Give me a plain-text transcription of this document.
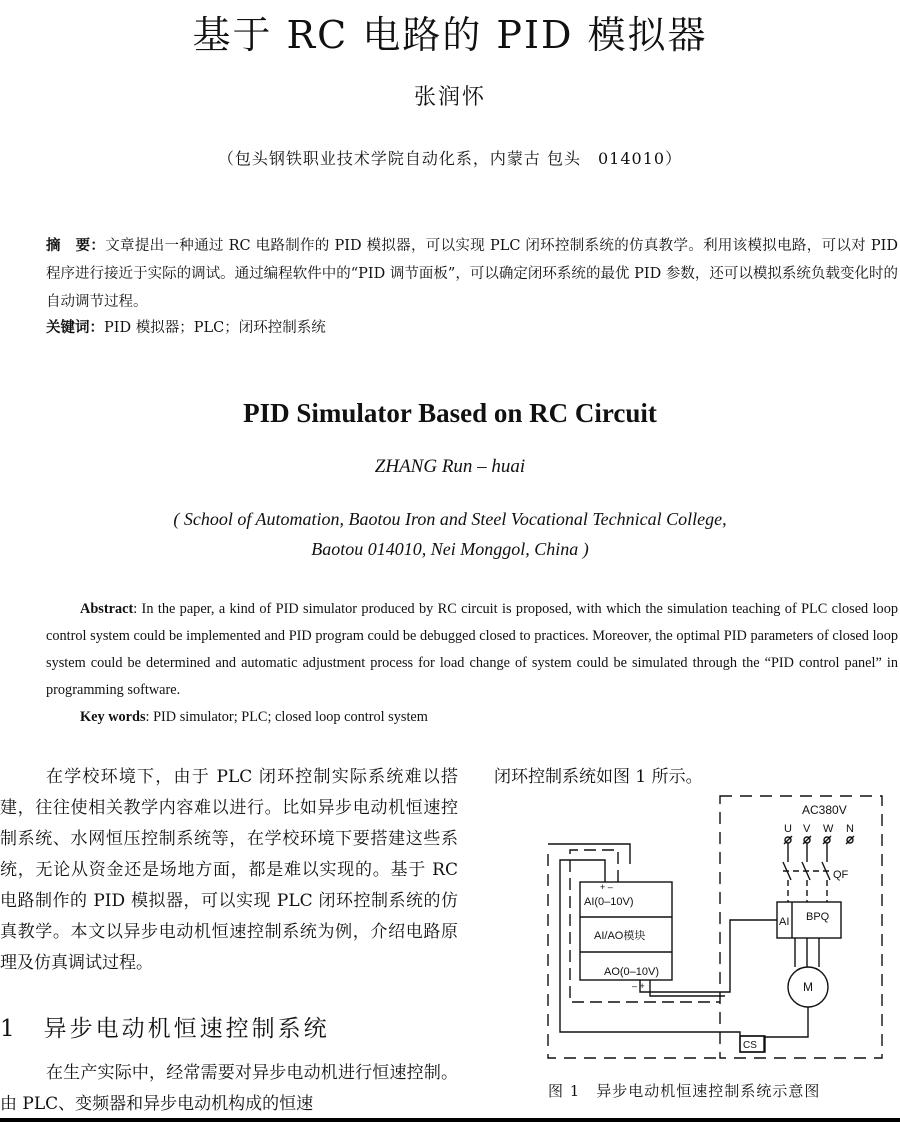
基于 RC 电路的 PID 模拟器
张润怀
（包头钢铁职业技术学院自动化系，内蒙古 包头　014010）
摘　要：文章提出一种通过 RC 电路制作的 PID 模拟器，可以实现 PLC 闭环控制系统的仿真教学。利用该模拟电路，可以对 PID 程序进行接近于实际的调试。通过编程软件中的“PID 调节面板”，可以确定闭环系统的最优 PID 参数，还可以模拟系统负载变化时的自动调节过程。
关键词：PID 模拟器；PLC；闭环控制系统
PID Simulator Based on RC Circuit
ZHANG Run – huai
( School of Automation, Baotou Iron and Steel Vocational Technical College,
Baotou 014010, Nei Monggol, China )
Abstract: In the paper, a kind of PID simulator produced by RC circuit is proposed, with which the simulation teaching of PLC closed loop control system could be implemented and PID program could be debugged closed to practices. Moreover, the optimal PID parameters of closed loop system could be determined and automatic adjustment process for load change of system could be simulated through the “PID control panel” in programming software.
Key words: PID simulator; PLC; closed loop control system
在学校环境下，由于 PLC 闭环控制实际系统难以搭建，往往使相关教学内容难以进行。比如异步电动机恒速控制系统、水网恒压控制系统等，在学校环境下要搭建这些系统，无论从资金还是场地方面，都是难以实现的。基于 RC 电路制作的 PID 模拟器，可以实现 PLC 闭环控制系统的仿真教学。本文以异步电动机恒速控制系统为例，介绍电路原理及仿真调试过程。
1　 异步电动机恒速控制系统
在生产实际中，经常需要对异步电动机进行恒速控制。由 PLC、变频器和异步电动机构成的恒速
闭环控制系统如图 1 所示。
AC380V
U V W N
QF
AI BPQ
M
+ –
AI(0–10V)
AI/AO模块
AO(0–10V)
– +
CS
图 1　异步电动机恒速控制系统示意图
